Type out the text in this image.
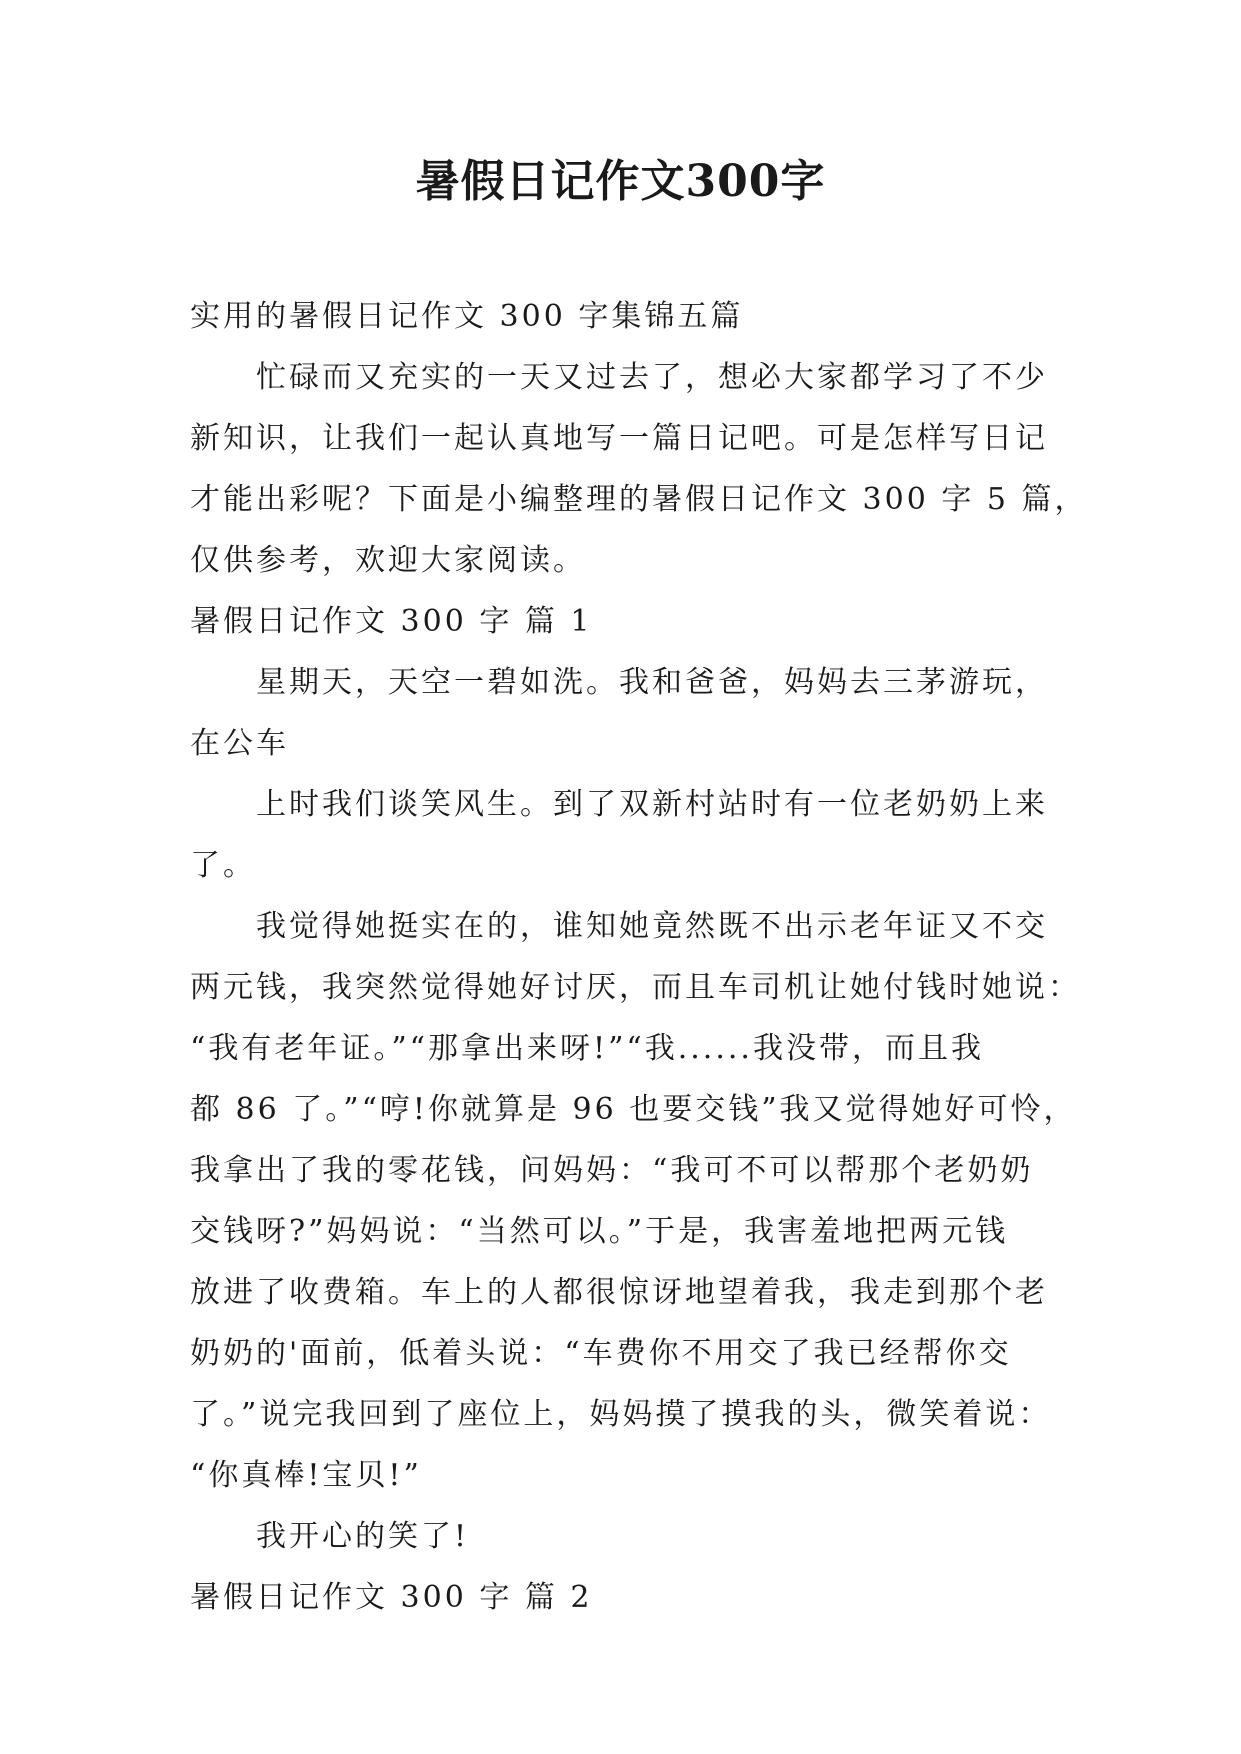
暑假日记作文300字
实用的暑假日记作文 300 字集锦五篇
忙碌而又充实的一天又过去了，想必大家都学习了不少
新知识，让我们一起认真地写一篇日记吧。可是怎样写日记
才能出彩呢？下面是小编整理的暑假日记作文 300 字 5 篇，
仅供参考，欢迎大家阅读。
暑假日记作文 300 字 篇 1
星期天，天空一碧如洗。我和爸爸，妈妈去三茅游玩，
在公车
上时我们谈笑风生。到了双新村站时有一位老奶奶上来
了。
我觉得她挺实在的，谁知她竟然既不出示老年证又不交
两元钱，我突然觉得她好讨厌，而且车司机让她付钱时她说：
“我有老年证。”“那拿出来呀!”“我......我没带，而且我
都 86 了。”“哼!你就算是 96 也要交钱”我又觉得她好可怜，
我拿出了我的零花钱，问妈妈：“我可不可以帮那个老奶奶
交钱呀?”妈妈说：“当然可以。”于是，我害羞地把两元钱
放进了收费箱。车上的人都很惊讶地望着我，我走到那个老
奶奶的'面前，低着头说：“车费你不用交了我已经帮你交
了。”说完我回到了座位上，妈妈摸了摸我的头，微笑着说：
“你真棒!宝贝!”
我开心的笑了!
暑假日记作文 300 字 篇 2
